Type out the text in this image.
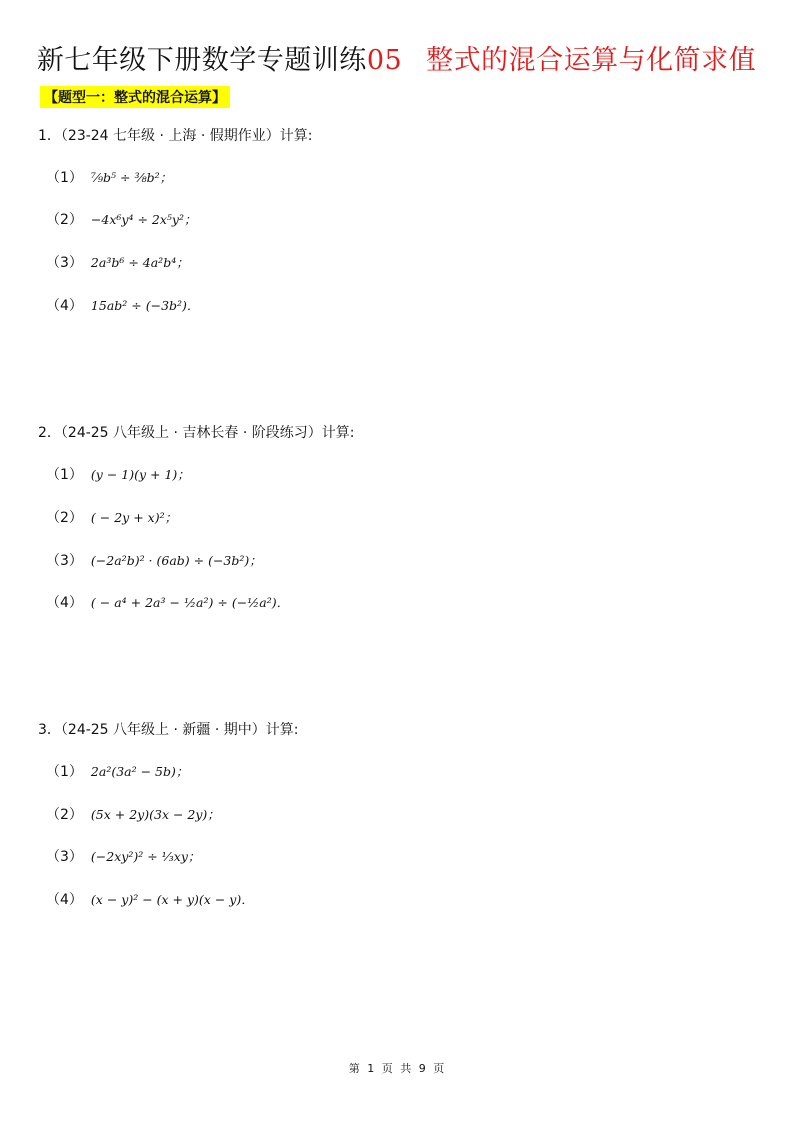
新七年级下册数学专题训练05 整式的混合运算与化简求值
【题型一：整式的混合运算】
1．（23-24 七年级 · 上海 · 假期作业）计算:
（1） ⁷⁄₉b⁵ ÷ ³⁄₈b²；
（2） −4x⁶y⁴ ÷ 2x⁵y²；
（3） 2a³b⁶ ÷ 4a²b⁴；
（4） 15ab² ÷ (−3b²)．
2．（24-25 八年级上 · 吉林长春 · 阶段练习）计算:
（1） (y − 1)(y + 1)；
（2） ( − 2y + x)²；
（3） (−2a²b)² · (6ab) ÷ (−3b²)；
（4） ( − a⁴ + 2a³ − ½a²) ÷ (−½a²)．
3．（24-25 八年级上 · 新疆 · 期中）计算:
（1） 2a²(3a² − 5b)；
（2） (5x + 2y)(3x − 2y)；
（3） (−2xy²)² ÷ ⅓xy；
（4） (x − y)² − (x + y)(x − y)．
第 1 页 共 9 页
